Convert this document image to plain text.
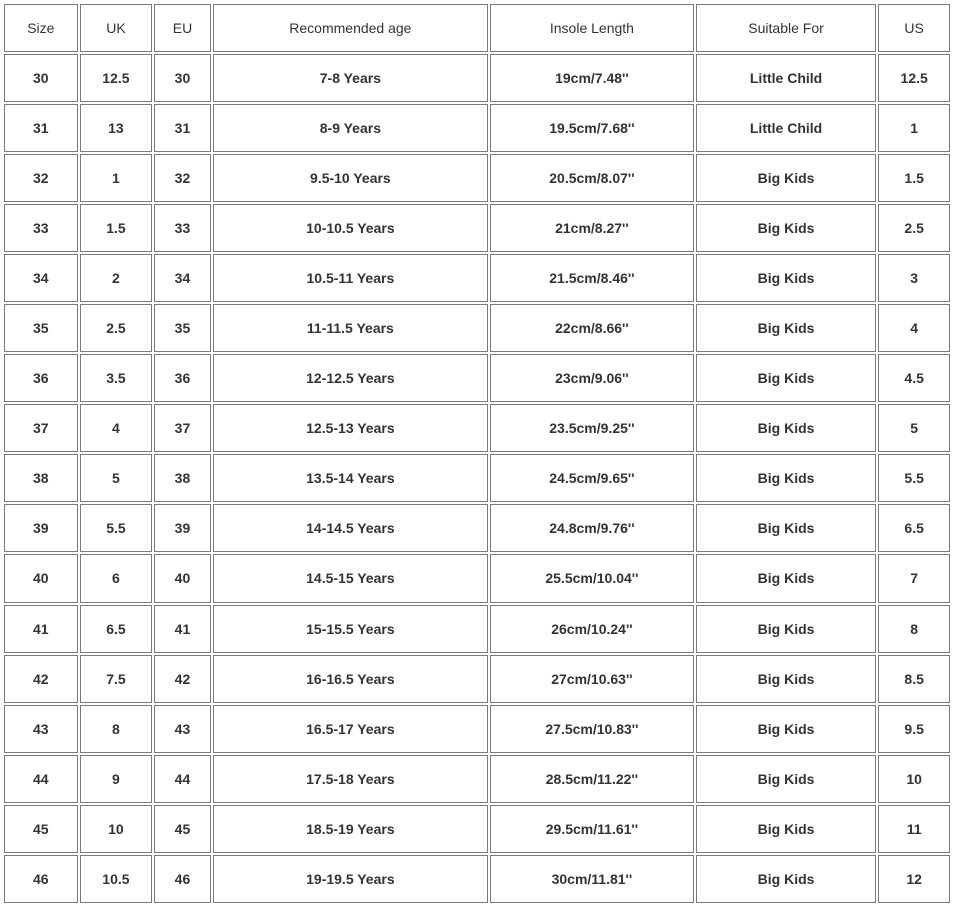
Size	UK	EU	Recommended age	Insole Length	Suitable For	US
30	12.5	30	7-8 Years	19cm/7.48''	Little Child	12.5
31	13	31	8-9 Years	19.5cm/7.68''	Little Child	1
32	1	32	9.5-10 Years	20.5cm/8.07''	Big Kids	1.5
33	1.5	33	10-10.5 Years	21cm/8.27''	Big Kids	2.5
34	2	34	10.5-11 Years	21.5cm/8.46''	Big Kids	3
35	2.5	35	11-11.5 Years	22cm/8.66''	Big Kids	4
36	3.5	36	12-12.5 Years	23cm/9.06''	Big Kids	4.5
37	4	37	12.5-13 Years	23.5cm/9.25''	Big Kids	5
38	5	38	13.5-14 Years	24.5cm/9.65''	Big Kids	5.5
39	5.5	39	14-14.5 Years	24.8cm/9.76''	Big Kids	6.5
40	6	40	14.5-15 Years	25.5cm/10.04''	Big Kids	7
41	6.5	41	15-15.5 Years	26cm/10.24''	Big Kids	8
42	7.5	42	16-16.5 Years	27cm/10.63''	Big Kids	8.5
43	8	43	16.5-17 Years	27.5cm/10.83''	Big Kids	9.5
44	9	44	17.5-18 Years	28.5cm/11.22''	Big Kids	10
45	10	45	18.5-19 Years	29.5cm/11.61''	Big Kids	11
46	10.5	46	19-19.5 Years	30cm/11.81''	Big Kids	12
